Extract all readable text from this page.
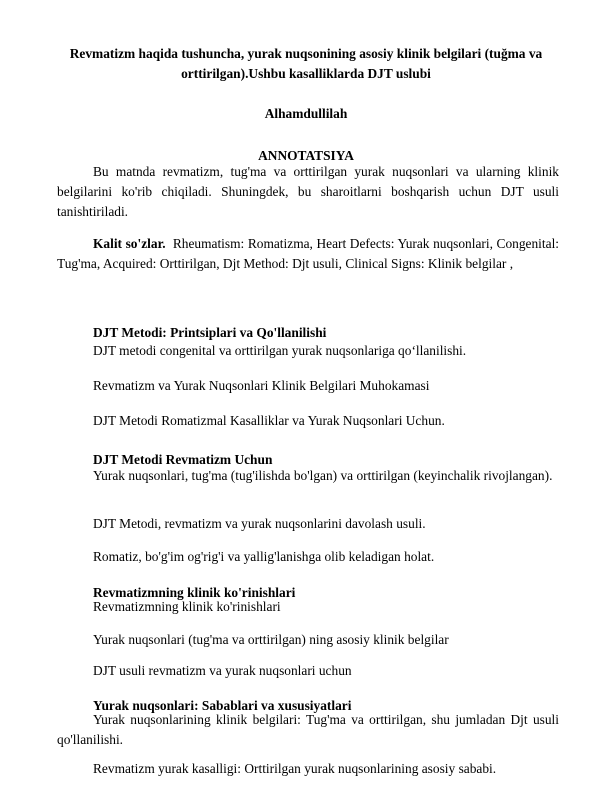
Revmatizm haqida tushuncha, yurak nuqsonining asosiy klinik belgilari (tuğma va orttirilgan).Ushbu kasalliklarda DJT uslubi
Alhamdullilah
ANNOTATSIYA
Bu matnda revmatizm, tug'ma va orttirilgan yurak nuqsonlari va ularning klinik belgilarini ko'rib chiqiladi. Shuningdek, bu sharoitlarni boshqarish uchun DJT usuli tanishtiriladi.
Kalit so'zlar. Rheumatism: Romatizma, Heart Defects: Yurak nuqsonlari, Congenital: Tug'ma, Acquired: Orttirilgan, Djt Method: Djt usuli, Clinical Signs: Klinik belgilar ,
DJT Metodi: Printsiplari va Qo'llanilishi
DJT metodi congenital va orttirilgan yurak nuqsonlariga qo‘llanilishi.
Revmatizm va Yurak Nuqsonlari Klinik Belgilari Muhokamasi
DJT Metodi Romatizmal Kasalliklar va Yurak Nuqsonlari Uchun.
DJT Metodi Revmatizm Uchun
Yurak nuqsonlari, tug'ma (tug'ilishda bo'lgan) va orttirilgan (keyinchalik rivojlangan).
DJT Metodi, revmatizm va yurak nuqsonlarini davolash usuli.
Romatiz, bo'g'im og'rig'i va yallig'lanishga olib keladigan holat.
Revmatizmning klinik ko'rinishlari
Revmatizmning klinik ko'rinishlari
Yurak nuqsonlari (tug'ma va orttirilgan) ning asosiy klinik belgilar
DJT usuli revmatizm va yurak nuqsonlari uchun
Yurak nuqsonlari: Sabablari va xususiyatlari
Yurak nuqsonlarining klinik belgilari: Tug'ma va orttirilgan, shu jumladan Djt usuli qo'llanilishi.
Revmatizm yurak kasalligi: Orttirilgan yurak nuqsonlarining asosiy sababi.
